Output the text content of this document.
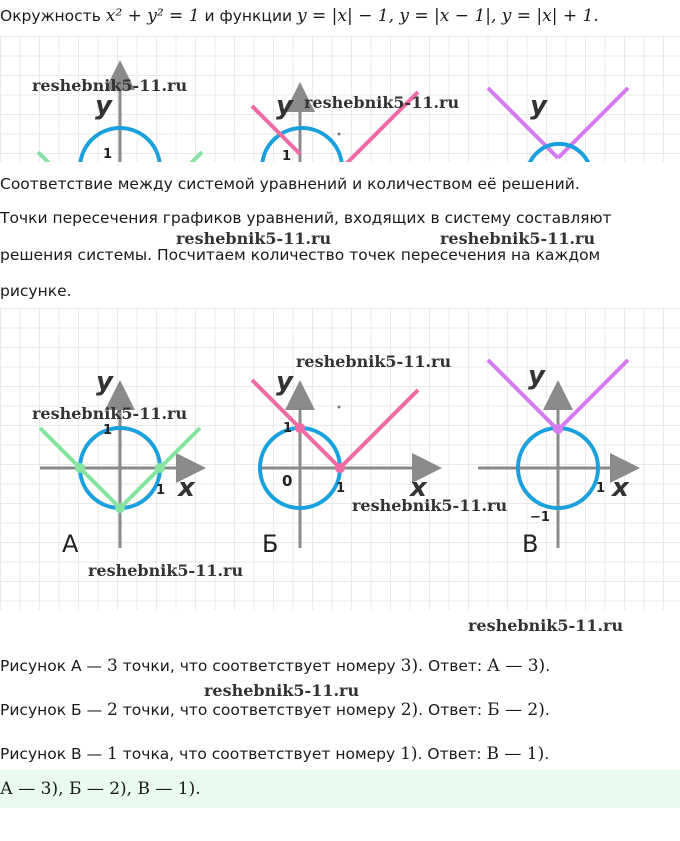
Окружность x² + y² = 1 и функции y = |x| − 1, y = |x − 1|, y = |x| + 1.
y
1
y
1
y
reshebnik5-11.ru
reshebnik5-11.ru
Соответствие между системой уравнений и количеством её решений.
Точки пересечения графиков уравнений, входящих в систему составляют
решения системы. Посчитаем количество точек пересечения на каждом
рисунке.
reshebnik5-11.ru	reshebnik5-11.ru
y
x
1
1
А
y
x
1
1
0
Б
y
x
1
−1
В
reshebnik5-11.ru
reshebnik5-11.ru
reshebnik5-11.ru
reshebnik5-11.ru
reshebnik5-11.ru
Рисунок А — 3 точки, что соответствует номеру 3). Ответ: А — 3).
reshebnik5-11.ru
Рисунок Б — 2 точки, что соответствует номеру 2). Ответ: Б — 2).
Рисунок В — 1 точка, что соответствует номеру 1). Ответ: В — 1).
А — 3), Б — 2), В — 1).
